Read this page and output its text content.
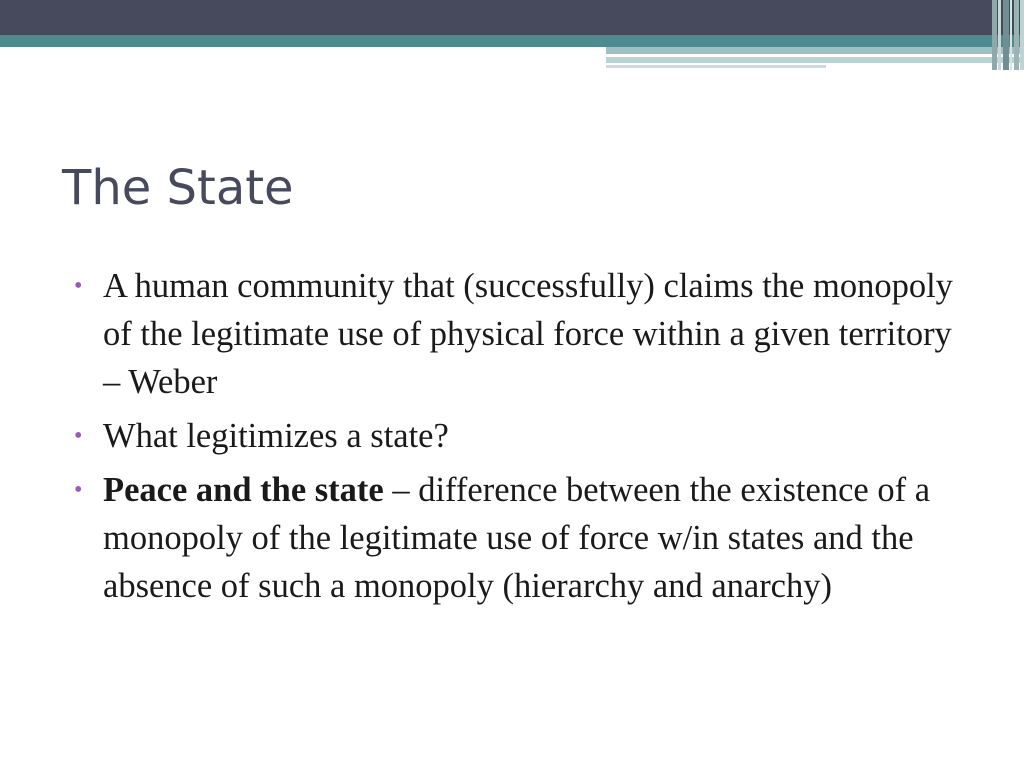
The State
• A human community that (successfully) claims the monopoly of the legitimate use of physical force within a given territory – Weber
• What legitimizes a state?
• Peace and the state – difference between the existence of a monopoly of the legitimate use of force w/in states and the absence of such a monopoly (hierarchy and anarchy)
